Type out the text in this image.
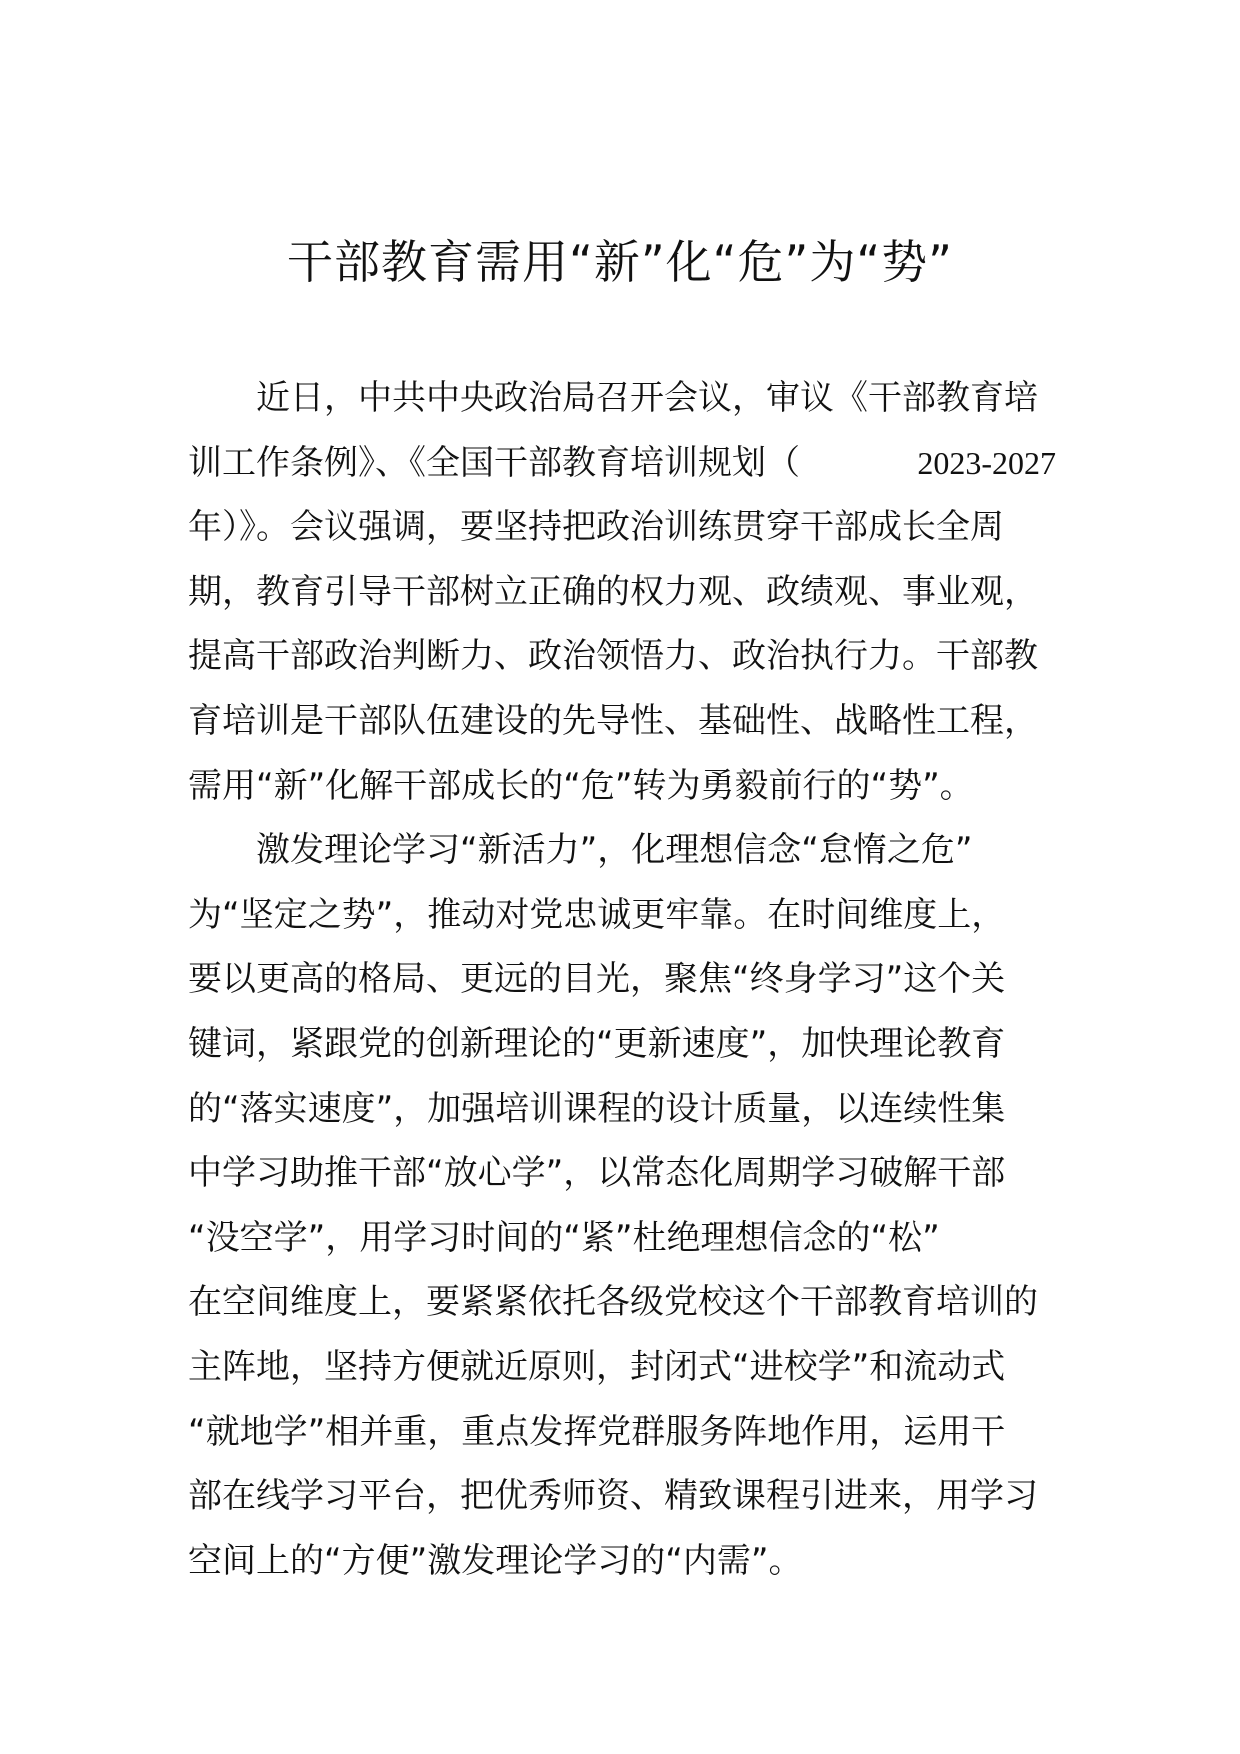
干部教育需用“新”化“危”为“势”
近日，中共中央政治局召开会议，审议《干部教育培
训工作条例》、《全国干部教育培训规划（	2023-2027
年）》。会议强调，要坚持把政治训练贯穿干部成长全周
期，教育引导干部树立正确的权力观、政绩观、事业观，
提高干部政治判断力、政治领悟力、政治执行力。干部教
育培训是干部队伍建设的先导性、基础性、战略性工程，
需用“新”化解干部成长的“危”转为勇毅前行的“势”。
激发理论学习“新活力”，化理想信念“怠惰之危”
为“坚定之势”，推动对党忠诚更牢靠。在时间维度上，
要以更高的格局、更远的目光，聚焦“终身学习”这个关
键词，紧跟党的创新理论的“更新速度”，加快理论教育
的“落实速度”，加强培训课程的设计质量，以连续性集
中学习助推干部“放心学”，以常态化周期学习破解干部
“没空学”，用学习时间的“紧”杜绝理想信念的“松”
在空间维度上，要紧紧依托各级党校这个干部教育培训的
主阵地，坚持方便就近原则，封闭式“进校学”和流动式
“就地学”相并重，重点发挥党群服务阵地作用，运用干
部在线学习平台，把优秀师资、精致课程引进来，用学习
空间上的“方便”激发理论学习的“内需”。
